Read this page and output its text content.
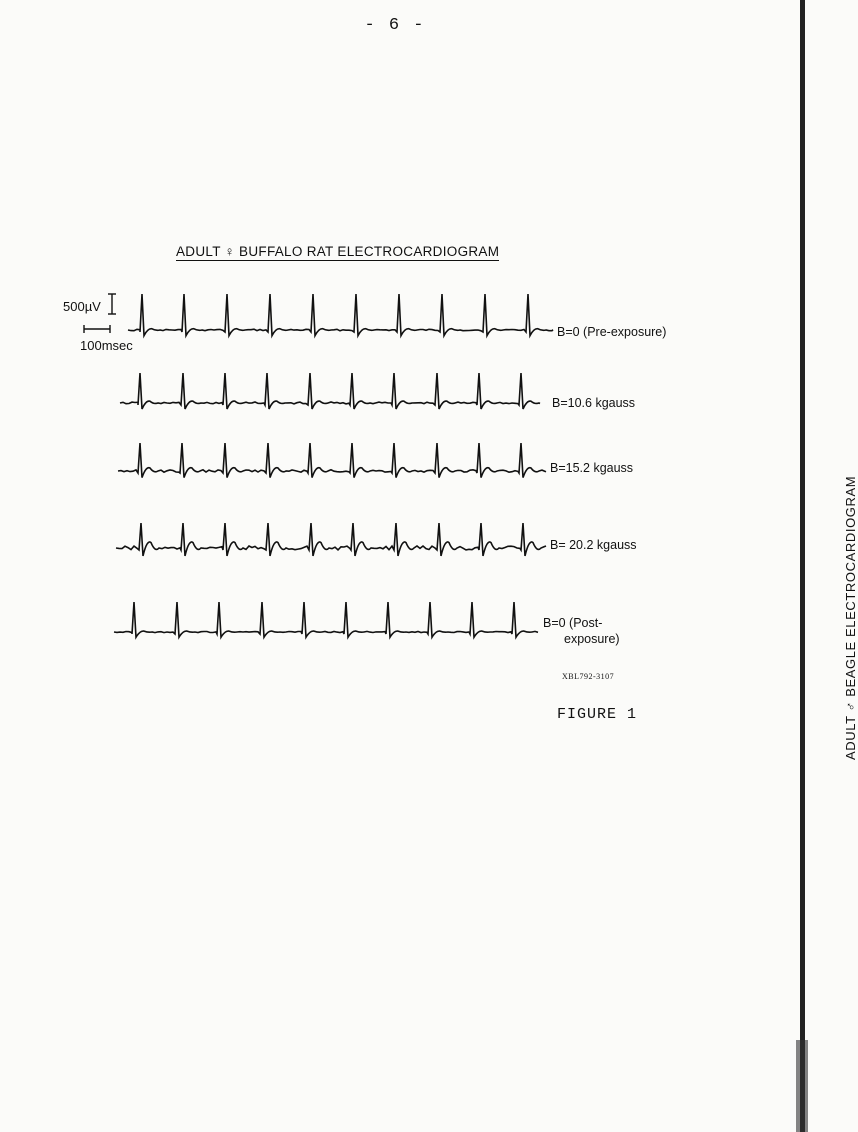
- 6 -
ADULT ♀ BUFFALO RAT ELECTROCARDIOGRAM
500µV
100msec
B=0 (Pre-exposure)
B=10.6 kgauss
B=15.2 kgauss
B= 20.2 kgauss
B=0 (Post-
exposure)
XBL792-3107
FIGURE 1	ADULT ♂ BEAGLE ELECTROCARDIOGRAM
